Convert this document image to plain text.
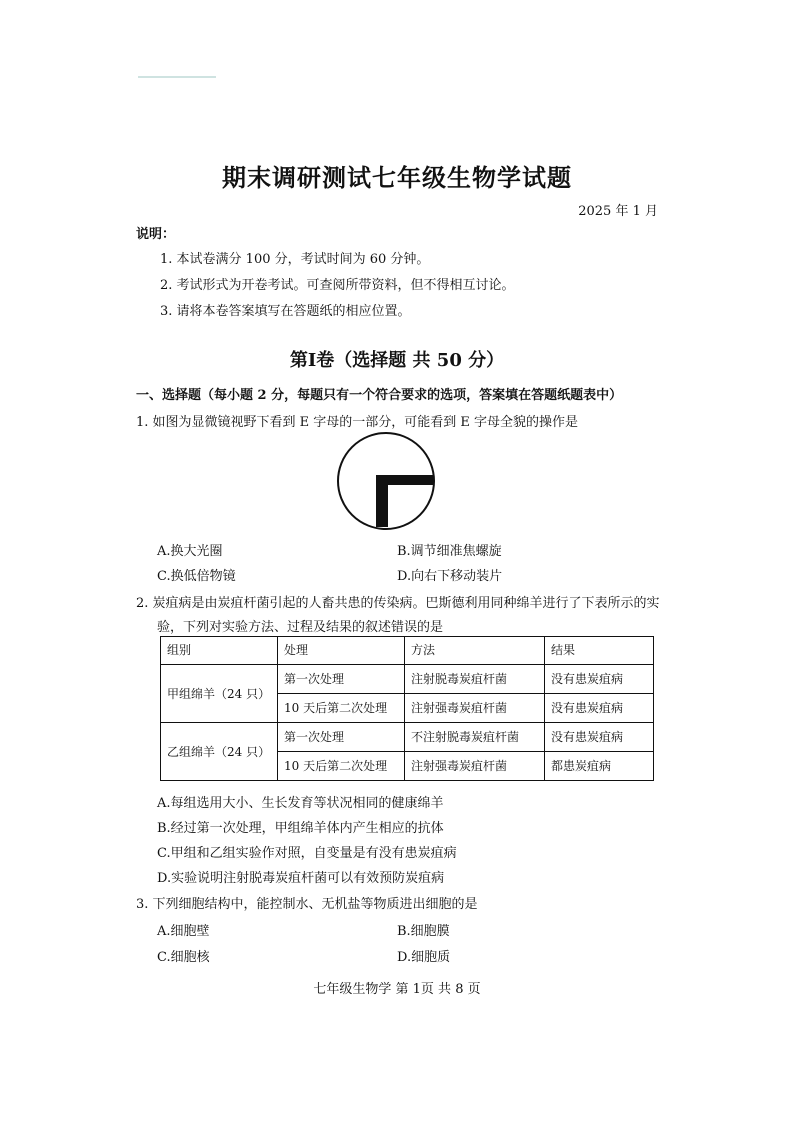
期末调研测试七年级生物学试题
2025 年 1 月
说明：
1. 本试卷满分 100 分，考试时间为 60 分钟。
2. 考试形式为开卷考试。可查阅所带资料，但不得相互讨论。
3. 请将本卷答案填写在答题纸的相应位置。
第Ⅰ卷（选择题 共 50 分）
一、选择题（每小题 2 分，每题只有一个符合要求的选项，答案填在答题纸题表中）
1. 如图为显微镜视野下看到 E 字母的一部分，可能看到 E 字母全貌的操作是
A.换大光圈	B.调节细准焦螺旋
C.换低倍物镜	D.向右下移动装片
2. 炭疽病是由炭疽杆菌引起的人畜共患的传染病。巴斯德利用同种绵羊进行了下表所示的实
验，下列对实验方法、过程及结果的叙述错误的是
组别	处理	方法	结果
甲组绵羊（24 只）	第一次处理	注射脱毒炭疽杆菌	没有患炭疽病
	10 天后第二次处理	注射强毒炭疽杆菌	没有患炭疽病
乙组绵羊（24 只）	第一次处理	不注射脱毒炭疽杆菌	没有患炭疽病
	10 天后第二次处理	注射强毒炭疽杆菌	都患炭疽病
A.每组选用大小、生长发育等状况相同的健康绵羊
B.经过第一次处理，甲组绵羊体内产生相应的抗体
C.甲组和乙组实验作对照，自变量是有没有患炭疽病
D.实验说明注射脱毒炭疽杆菌可以有效预防炭疽病
3. 下列细胞结构中，能控制水、无机盐等物质进出细胞的是
A.细胞壁	B.细胞膜
C.细胞核	D.细胞质
七年级生物学 第 1页 共 8 页
